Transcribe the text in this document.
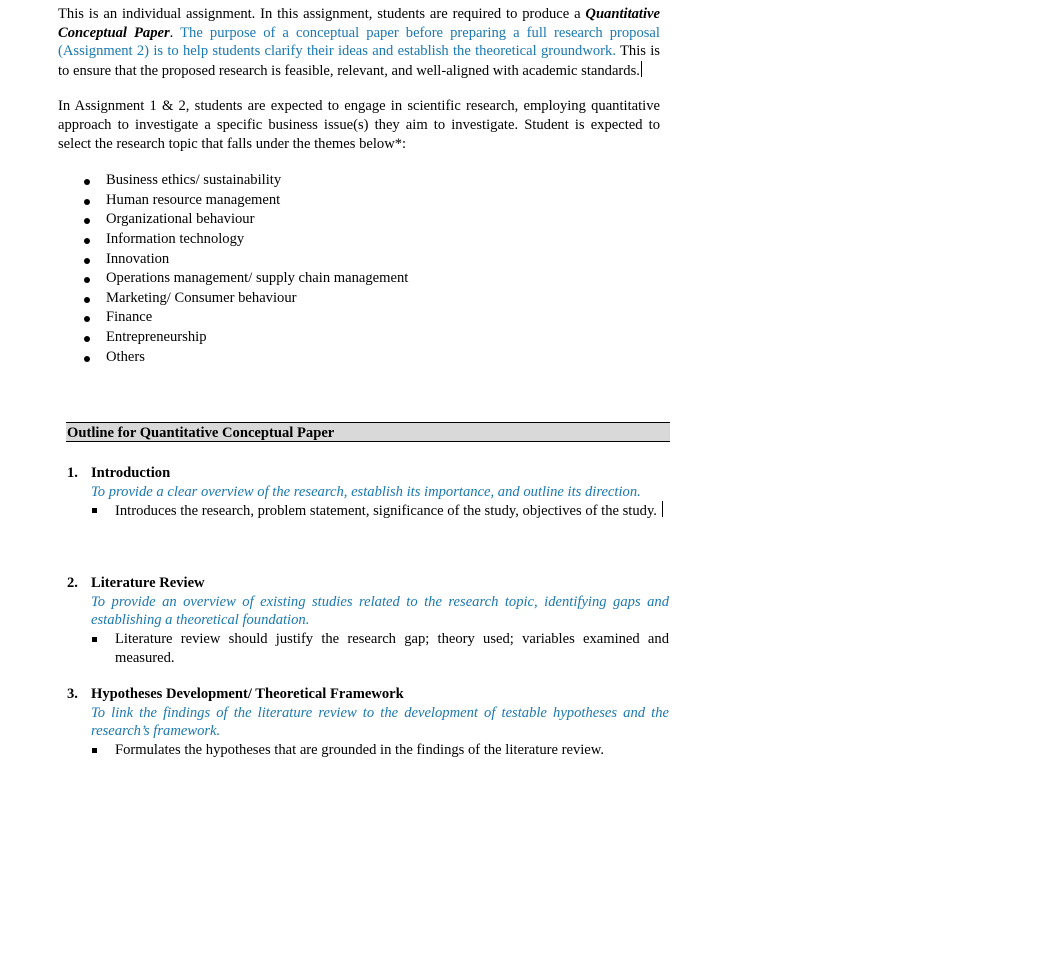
This is an individual assignment. In this assignment, students are required to produce a Quantitative Conceptual Paper. The purpose of a conceptual paper before preparing a full research proposal (Assignment 2) is to help students clarify their ideas and establish the theoretical groundwork. This is to ensure that the proposed research is feasible, relevant, and well-aligned with academic standards.

In Assignment 1 & 2, students are expected to engage in scientific research, employing quantitative approach to investigate a specific business issue(s) they aim to investigate. Student is expected to select the research topic that falls under the themes below*:

Business ethics/ sustainability
Human resource management
Organizational behaviour
Information technology
Innovation
Operations management/ supply chain management
Marketing/ Consumer behaviour
Finance
Entrepreneurship
Others
Outline for Quantitative Conceptual Paper
1. Introduction
To provide a clear overview of the research, establish its importance, and outline its direction.
Introduces the research, problem statement, significance of the study, objectives of the study.
2. Literature Review
To provide an overview of existing studies related to the research topic, identifying gaps and establishing a theoretical foundation.
Literature review should justify the research gap; theory used; variables examined and measured.
3. Hypotheses Development/ Theoretical Framework
To link the findings of the literature review to the development of testable hypotheses and the research’s framework.
Formulates the hypotheses that are grounded in the findings of the literature review.
